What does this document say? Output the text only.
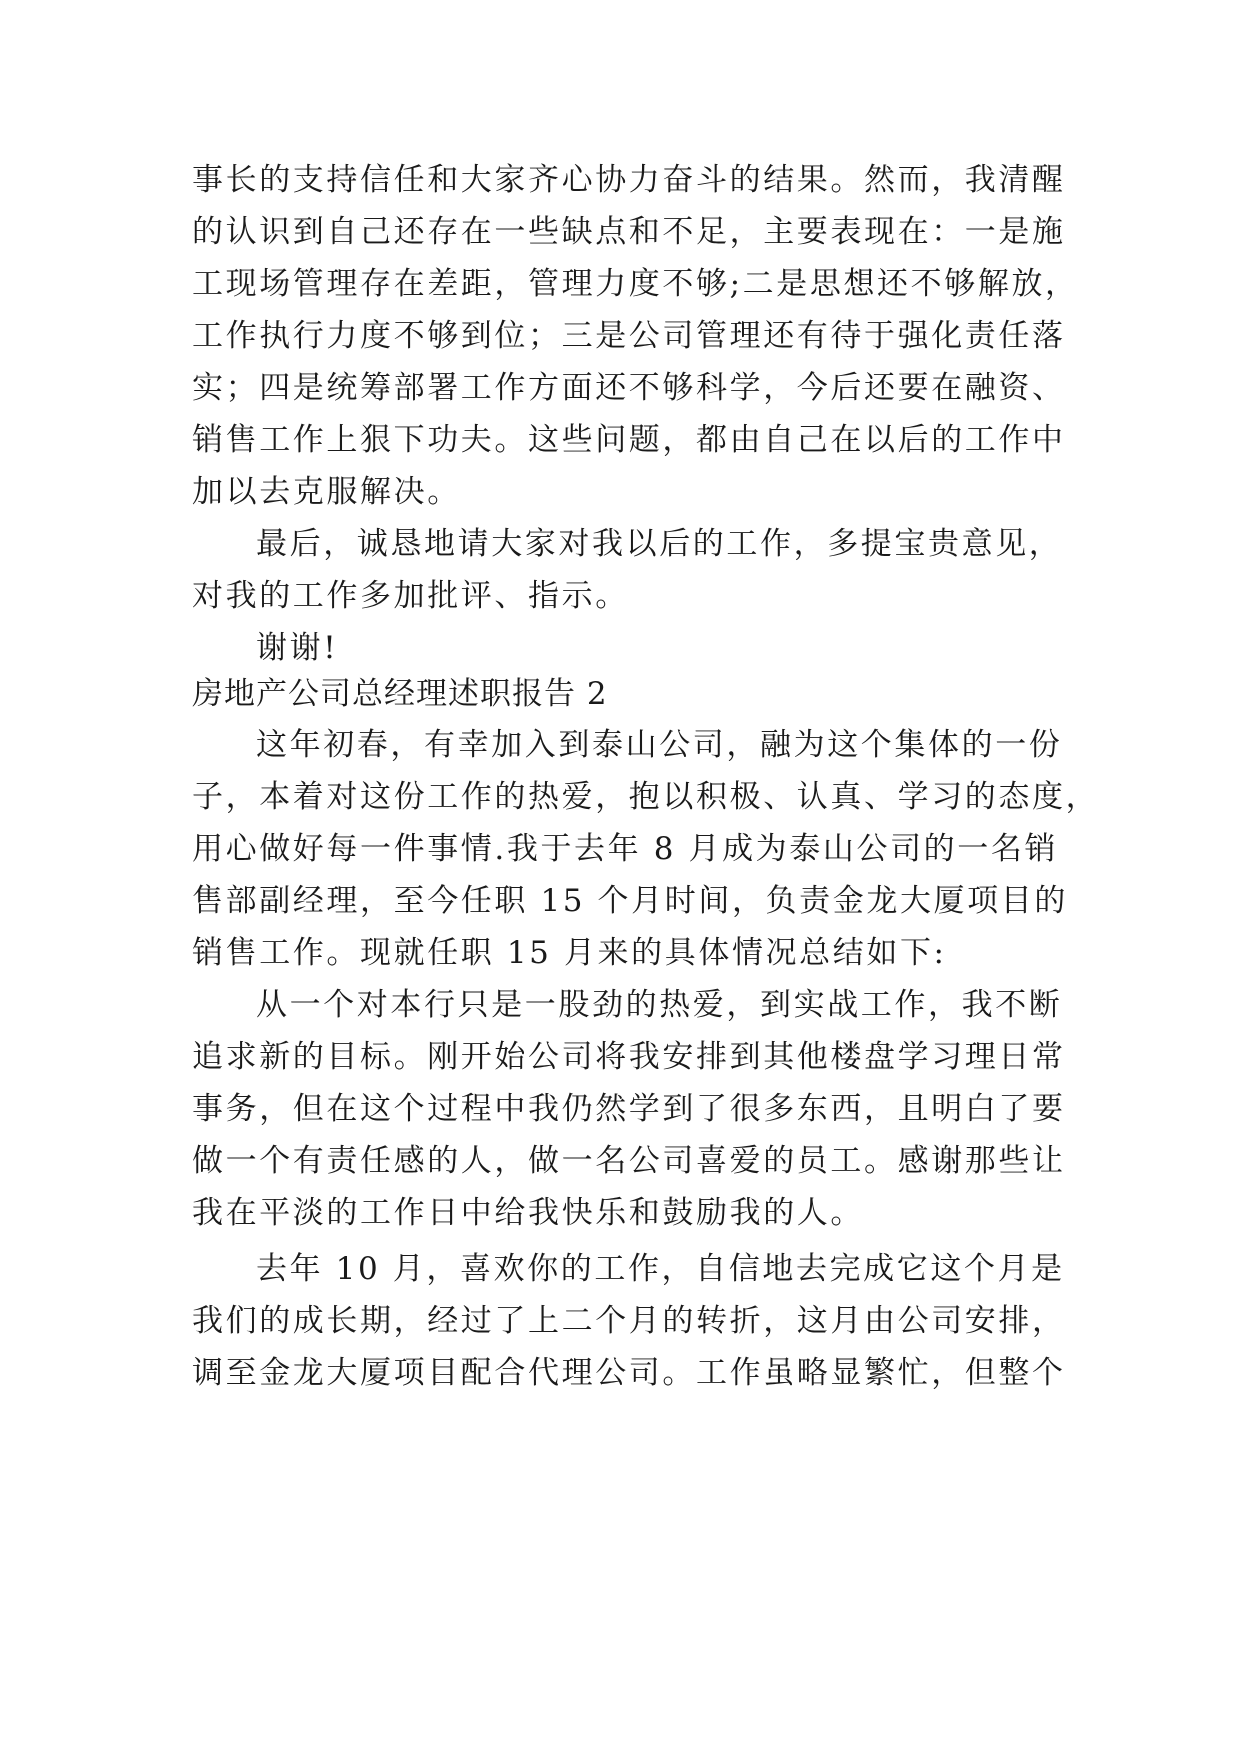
事长的支持信任和大家齐心协力奋斗的结果。然而，我清醒
的认识到自己还存在一些缺点和不足，主要表现在：一是施
工现场管理存在差距，管理力度不够;二是思想还不够解放，
工作执行力度不够到位；三是公司管理还有待于强化责任落
实；四是统筹部署工作方面还不够科学，今后还要在融资、
销售工作上狠下功夫。这些问题，都由自己在以后的工作中
加以去克服解决。
最后，诚恳地请大家对我以后的工作，多提宝贵意见，
对我的工作多加批评、指示。
谢谢!
房地产公司总经理述职报告 2
这年初春，有幸加入到泰山公司，融为这个集体的一份
子，本着对这份工作的热爱，抱以积极、认真、学习的态度，
用心做好每一件事情.我于去年 8 月成为泰山公司的一名销
售部副经理，至今任职 15 个月时间，负责金龙大厦项目的
销售工作。现就任职 15 月来的具体情况总结如下:
从一个对本行只是一股劲的热爱，到实战工作，我不断
追求新的目标。刚开始公司将我安排到其他楼盘学习理日常
事务，但在这个过程中我仍然学到了很多东西，且明白了要
做一个有责任感的人，做一名公司喜爱的员工。感谢那些让
我在平淡的工作日中给我快乐和鼓励我的人。
去年 10 月，喜欢你的工作，自信地去完成它这个月是
我们的成长期，经过了上二个月的转折，这月由公司安排，
调至金龙大厦项目配合代理公司。工作虽略显繁忙，但整个
